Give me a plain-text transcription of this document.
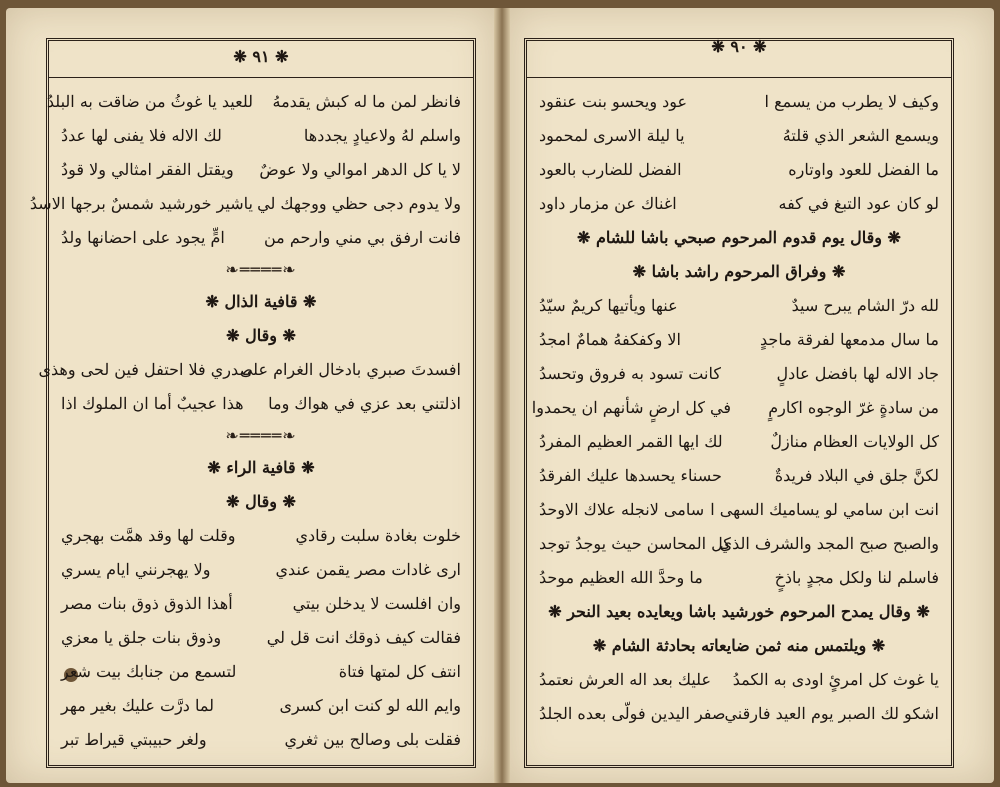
❋ ٩١ ❋
فانظر لمن ما له كبش يقدمهُ
للعيد يا غوثُ من ضاقت به البلدُ
واسلم لهُ ولاعيادٍ يجددها
لك الاله فلا يفنى لها عددُ
لا يا كل الدهر اموالي ولا عوضٌ
ويقتل الفقر امثالي ولا قودُ
ولا يدوم دجى حظي ووجهك لي
ياشير خورشيد شمسٌ برجها الاسدُ
فانت ارفق بي مني وارحم من
امٍّ يجود على احضانها ولدُ
❧════❧
❋ قافية الذال ❋
❋ وقال ❋
افسدتَ صبري بادخال الغرام على
صدري فلا احتفل فين لحى وهذى
اذلتني بعد عزي في هواك وما
هذا عجيبٌ أما ان الملوك اذا
❧════❧
❋ قافية الراء ❋
❋ وقال ❋
خلوت بغادة سلبت رقادي
وقلت لها وقد همَّت بهجري
ارى غادات مصر يقمن عندي
ولا يهجرنني ايام يسري
وان افلست لا يدخلن بيتي
أهذا الذوق ذوق بنات مصر
فقالت كيف ذوقك انت قل لي
وذوق بنات جلق يا معزي
انتف كل لمتها فتاة
لتسمع من جنابك بيت شعر
وايم الله لو كنت ابن كسرى
لما درَّت عليك بغير مهر
فقلت بلى وصالح بين ثغري
ولغر حبيبتي قيراط تبر
❋ ٩٠ ❋
وكيف لا يطرب من يسمع ا
عود ويحسو بنت عنقود
ويسمع الشعر الذي قلتهُ
يا ليلة الاسرى لمحمود
ما الفضل للعود واوتاره
الفضل للضارب بالعود
لو كان عود التبغ في كفه
اغناك عن مزمار داود
❋ وقال يوم قدوم المرحوم صبحي باشا للشام ❋
❋ وفراق المرحوم راشد باشا ❋
لله درّ الشام يبرح سيدٌ
عنها ويأتيها كريمٌ سيّدُ
ما سال مدمعها لفرقة ماجدٍ
الا وكفكفهُ همامٌ امجدُ
جاد الاله لها بافضل عادلٍ
كانت تسود به فروق وتحسدُ
من سادةٍ غرّ الوجوه اكارمٍ
في كل ارضٍ شأنهم ان يحمدوا
كل الولايات العظام منازلٌ
لك ايها القمر العظيم المفردُ
لكنَّ جلق في البلاد فريدةٌ
حسناء يحسدها عليك الفرقدُ
انت ابن سامي لو يساميك السهى ا
سامى لانجله علاك الاوحدُ
والصبح صبح المجد والشرف الذي
كل المحاسن حيث يوجدُ توجد
فاسلم لنا ولكل مجدٍ باذخٍ
ما وحدَّ الله العظيم موحدُ
❋ وقال يمدح المرحوم خورشيد باشا ويعايده بعيد النحر ❋
❋ ويلتمس منه ثمن ضايعاته بحادثة الشام ❋
يا غوث كل امرئٍ اودى به الكمدُ
عليك بعد اله العرش نعتمدُ
اشكو لك الصبر يوم العيد فارقني
صفر اليدين فولّى بعده الجلدُ
